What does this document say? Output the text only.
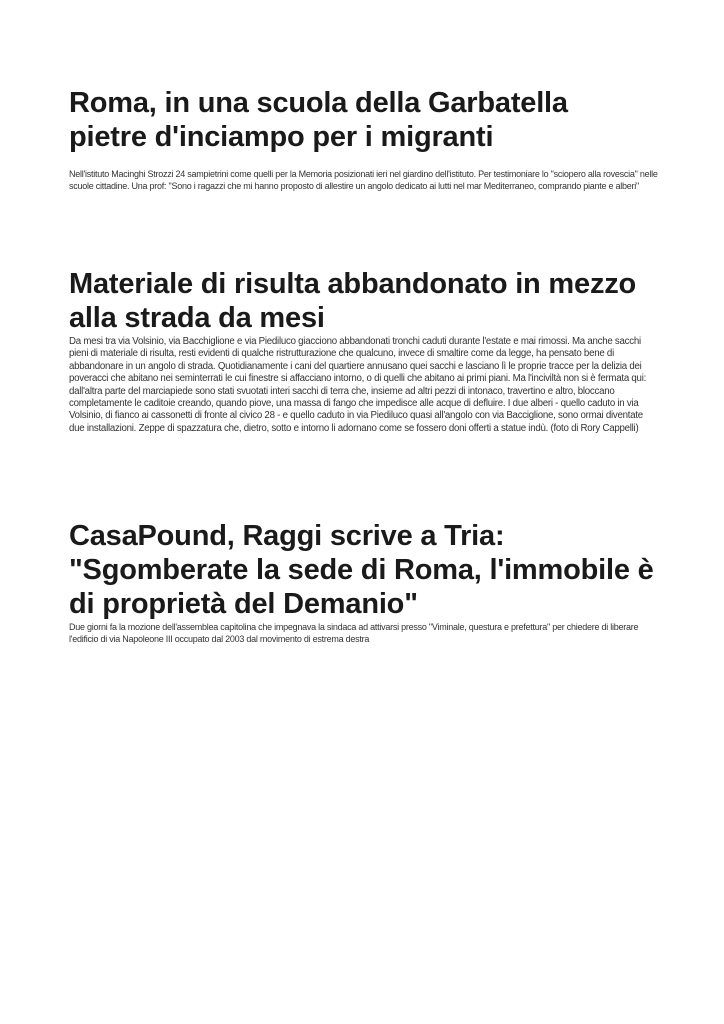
Roma, in una scuola della Garbatella pietre d'inciampo per i migranti

Nell'istituto Macinghi Strozzi 24 sampietrini come quelli per la Memoria posizionati ieri nel giardino dell'istituto. Per testimoniare lo "sciopero alla rovescia" nelle scuole cittadine. Una prof: "Sono i ragazzi che mi hanno proposto di allestire un angolo dedicato ai lutti nel mar Mediterraneo, comprando piante e alberi"

Materiale di risulta abbandonato in mezzo alla strada da mesi

Da mesi tra via Volsinio, via Bacchiglione e via Piediluco giacciono abbandonati tronchi caduti durante l'estate e mai rimossi. Ma anche sacchi pieni di materiale di risulta, resti evidenti di qualche ristrutturazione che qualcuno, invece di smaltire come da legge, ha pensato bene di abbandonare in un angolo di strada. Quotidianamente i cani del quartiere annusano quei sacchi e lasciano lì le proprie tracce per la delizia dei poveracci che abitano nei seminterrati le cui finestre si affacciano intorno, o di quelli che abitano ai primi piani. Ma l'inciviltà non si è fermata qui: dall'altra parte del marciapiede sono stati svuotati interi sacchi di terra che, insieme ad altri pezzi di intonaco, travertino e altro, bloccano completamente le caditoie creando, quando piove, una massa di fango che impedisce alle acque di defluire. I due alberi - quello caduto in via Volsinio, di fianco ai cassonetti di fronte al civico 28 - e quello caduto in via Piediluco quasi all'angolo con via Bacciglione, sono ormai diventate due installazioni. Zeppe di spazzatura che, dietro, sotto e intorno li adornano come se fossero doni offerti a statue indù. (foto di Rory Cappelli)

CasaPound, Raggi scrive a Tria: "Sgomberate la sede di Roma, l'immobile è di proprietà del Demanio"

Due giorni fa la mozione dell'assemblea capitolina che impegnava la sindaca ad attivarsi presso "Viminale, questura e prefettura" per chiedere di liberare l'edificio di via Napoleone III occupato dal 2003 dal movimento di estrema destra
